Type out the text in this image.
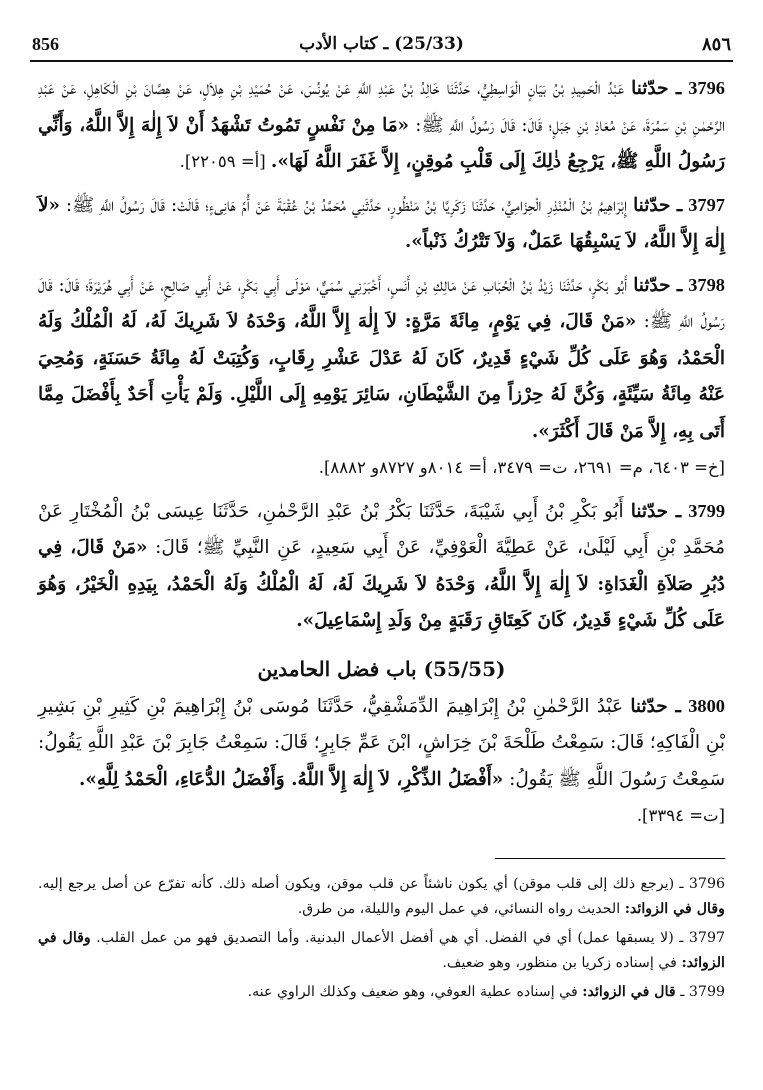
٨٥٦
(25/33) ـ كتاب الأدب
856

3796 ـ حدّثنا عَبْدُ الْحَمِيدِ بْنُ بَيَانٍ الْوَاسِطِيُّ، حَدَّثَنَا خَالِدُ بْنُ عَبْدِ اللَّهِ عَنْ يُونُسَ، عَنْ حُمَيْدِ بْنِ هِلاَلٍ، عَنْ هِصَّانَ بْنِ الْكَاهِلِ، عَنْ عَبْدِ الرَّحْمٰنِ بْنِ سَمُرَةَ، عَنْ مُعَاذِ بْنِ جَبَلٍ؛ قَالَ: قَالَ رَسُولُ اللَّهِ ﷺ: «مَا مِنْ نَفْسٍ تَمُوتُ تَشْهَدُ أَنْ لاَ إِلٰهَ إِلاَّ اللَّهُ، وَأَنِّي رَسُولُ اللَّهِ ﷺ، يَرْجِعُ ذٰلِكَ إِلَى قَلْبِ مُوقِنٍ، إِلاَّ غَفَرَ اللَّهُ لَهَا». [أ= ٢٢٠٥٩].

3797 ـ حدّثنا إِبْرَاهِيمُ بْنُ الْمُنْذِرِ الْحِزَامِيُّ، حَدَّثَنَا زَكَرِيَّا بْنُ مَنْظُورٍ، حَدَّثَنِي مُحَمَّدُ بْنُ عُقْبَةَ عَنْ أُمِّ هَانِىءٍ؛ قَالَتْ: قَالَ رَسُولُ اللَّهِ ﷺ: «لاَ إِلٰهَ إِلاَّ اللَّهُ، لاَ يَسْبِقُهَا عَمَلٌ، وَلاَ تَتْرُكُ ذَنْباً».

3798 ـ حدّثنا أَبُو بَكْرٍ، حَدَّثَنَا زَيْدُ بْنُ الْحُبَابِ عَنْ مَالِكِ بْنِ أَنَسٍ، أَخْبَرَنِي سُمَيٌّ، مَوْلَى أَبِي بَكْرٍ، عَنْ أَبِي صَالِحٍ، عَنْ أَبِي هُرَيْرَةَ؛ قَالَ: قَالَ رَسُولُ اللَّهِ ﷺ: «مَنْ قَالَ، فِي يَوْمٍ، مِائَةَ مَرَّةٍ: لاَ إِلٰهَ إِلاَّ اللَّهُ، وَحْدَهُ لاَ شَرِيكَ لَهُ، لَهُ الْمُلْكُ وَلَهُ الْحَمْدُ، وَهُوَ عَلَى كُلِّ شَيْءٍ قَدِيرٌ، كَانَ لَهُ عَدْلَ عَشْرِ رِقَابٍ، وَكُتِبَتْ لَهُ مِائَةُ حَسَنَةٍ، وَمُحِيَ عَنْهُ مِائَةُ سَيِّئَةٍ، وَكُنَّ لَهُ حِرْزاً مِنَ الشَّيْطَانِ، سَائِرَ يَوْمِهِ إِلَى اللَّيْلِ. وَلَمْ يَأْتِ أَحَدٌ بِأَفْضَلَ مِمَّا أَتَى بِهِ، إِلاَّ مَنْ قَالَ أَكْثَرَ».
[خ= ٦٤٠٣، م= ٢٦٩١، ت= ٣٤٧٩، أ= ٨٠١٤و ٨٧٢٧و ٨٨٨٢].

3799 ـ حدّثنا أَبُو بَكْرِ بْنُ أَبِي شَيْبَةَ، حَدَّثَنَا بَكْرُ بْنُ عَبْدِ الرَّحْمٰنِ، حَدَّثَنَا عِيسَى بْنُ الْمُخْتَارِ عَنْ مُحَمَّدِ بْنِ أَبِي لَيْلَىٰ، عَنْ عَطِيَّةَ الْعَوْفِيِّ، عَنْ أَبِي سَعِيدٍ، عَنِ النَّبِيِّ ﷺ؛ قَالَ: «مَنْ قَالَ، فِي دُبُرِ صَلاَةِ الْغَدَاةِ: لاَ إِلٰهَ إِلاَّ اللَّهُ، وَحْدَهُ لاَ شَرِيكَ لَهُ، لَهُ الْمُلْكُ وَلَهُ الْحَمْدُ، بِيَدِهِ الْخَيْرُ، وَهُوَ عَلَى كُلِّ شَيْءٍ قَدِيرٌ، كَانَ كَعِتَاقِ رَقَبَةٍ مِنْ وَلَدِ إِسْمَاعِيلَ».

(55/55) باب فضل الحامدين

3800 ـ حدّثنا عَبْدُ الرَّحْمٰنِ بْنُ إِبْرَاهِيمَ الدِّمَشْقِيُّ، حَدَّثَنَا مُوسَى بْنُ إِبْرَاهِيمَ بْنِ كَثِيرِ بْنِ بَشِيرِ بْنِ الْفَاكِهِ؛ قَالَ: سَمِعْتُ طَلْحَةَ بْنَ خِرَاشٍ، ابْنَ عَمِّ جَابِرٍ؛ قَالَ: سَمِعْتُ جَابِرَ بْنَ عَبْدِ اللَّهِ يَقُولُ: سَمِعْتُ رَسُولَ اللَّهِ ﷺ يَقُولُ: «أَفْضَلُ الذِّكْرِ، لاَ إِلٰهَ إِلاَّ اللَّهُ. وَأَفْضَلُ الدُّعَاءِ، الْحَمْدُ لِلَّهِ».
[ت= ٣٣٩٤].

3796 ـ (يرجع ذلك إلى قلب موقن) أي يكون ناشئاً عن قلب موقن، ويكون أصله ذلك. كأنه تفرّع عن أصل يرجع إليه. وقال في الزوائد: الحديث رواه النسائي، في عمل اليوم والليلة، من طرق.

3797 ـ (لا يسبقها عمل) أي في الفضل. أي هي أفضل الأعمال البدنية. وأما التصديق فهو من عمل القلب. وقال في الزوائد: في إسناده زكريا بن منظور، وهو ضعيف.

3799 ـ قال في الزوائد: في إسناده عطية العوفي، وهو ضعيف وكذلك الراوي عنه.
